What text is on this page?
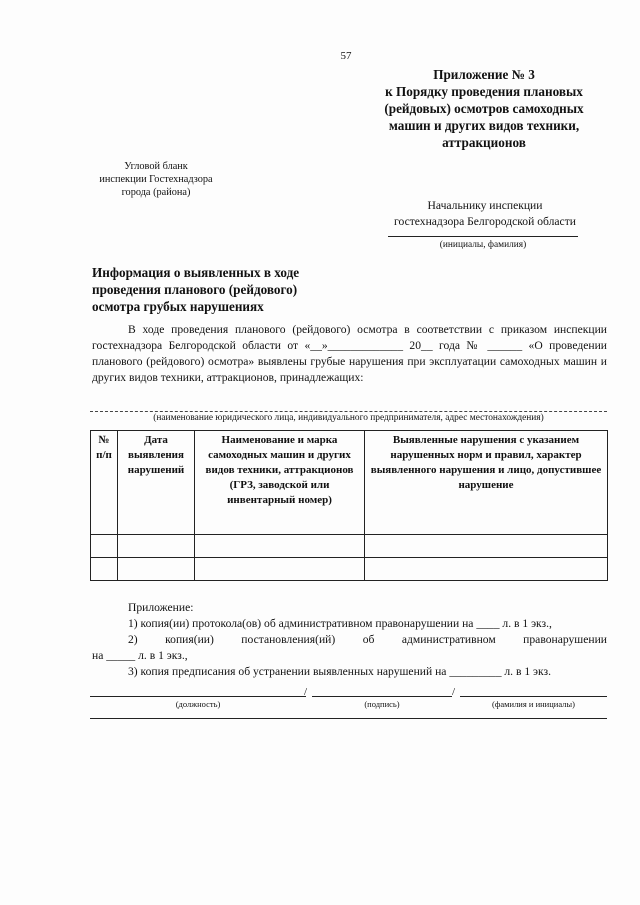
57
Приложение № 3
к Порядку проведения плановых
(рейдовых) осмотров самоходных
машин и других видов техники,
аттракционов
Угловой бланк
инспекции Гостехнадзора
города (района)
Начальнику инспекции
гостехнадзора Белгородской области
(инициалы, фамилия)
Информация о выявленных в ходе
проведения планового (рейдового)
осмотра грубых нарушениях
В ходе проведения планового (рейдового) осмотра в соответствии с приказом инспекции гостехнадзора Белгородской области от «__»_____________ 20__ года № ______ «О проведении планового (рейдового) осмотра» выявлены грубые нарушения при эксплуатации самоходных машин и других видов техники, аттракционов, принадлежащих:
(наименование юридического лица, индивидуального предпринимателя, адрес местонахождения)
№ п/п	Дата выявления нарушений	Наименование и марка самоходных машин и других видов техники, аттракционов (ГРЗ, заводской или инвентарный номер)	Выявленные нарушения с указанием нарушенных норм и правил, характер выявленного нарушения и лицо, допустившее нарушение

Приложение:
1) копия(ии) протокола(ов) об административном правонарушении на ____ л. в 1 экз.,
2) копия(ии) постановления(ий) об административном правонарушении
на _____ л. в 1 экз.,
3) копия предписания об устранении выявленных нарушений на _________ л. в 1 экз.
/	/
(должность)	(подпись)	(фамилия и инициалы)
